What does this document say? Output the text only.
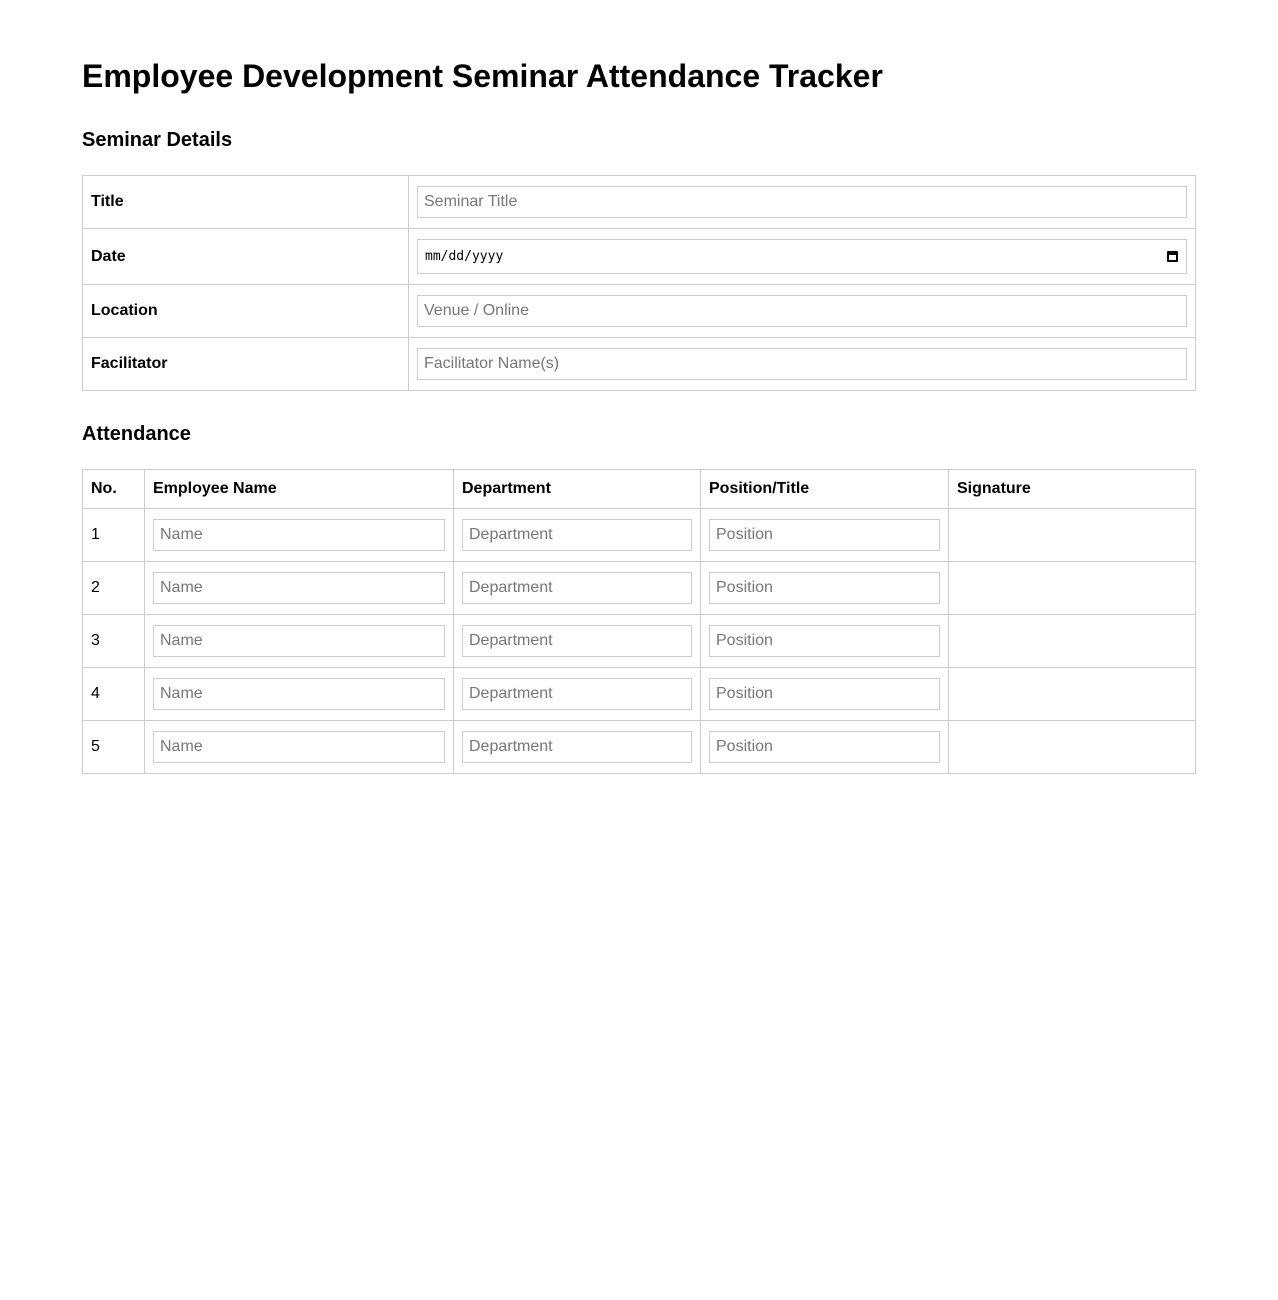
Employee Development Seminar Attendance Tracker
Seminar Details
Title	Seminar Title
Date	mm/dd/yyyy

Location	Venue / Online
Facilitator	Facilitator Name(s)
Attendance
No.	Employee Name	Department	Position/Title	Signature
1	Name	Department	Position	
2	Name	Department	Position	
3	Name	Department	Position	
4	Name	Department	Position	
5	Name	Department	Position	
